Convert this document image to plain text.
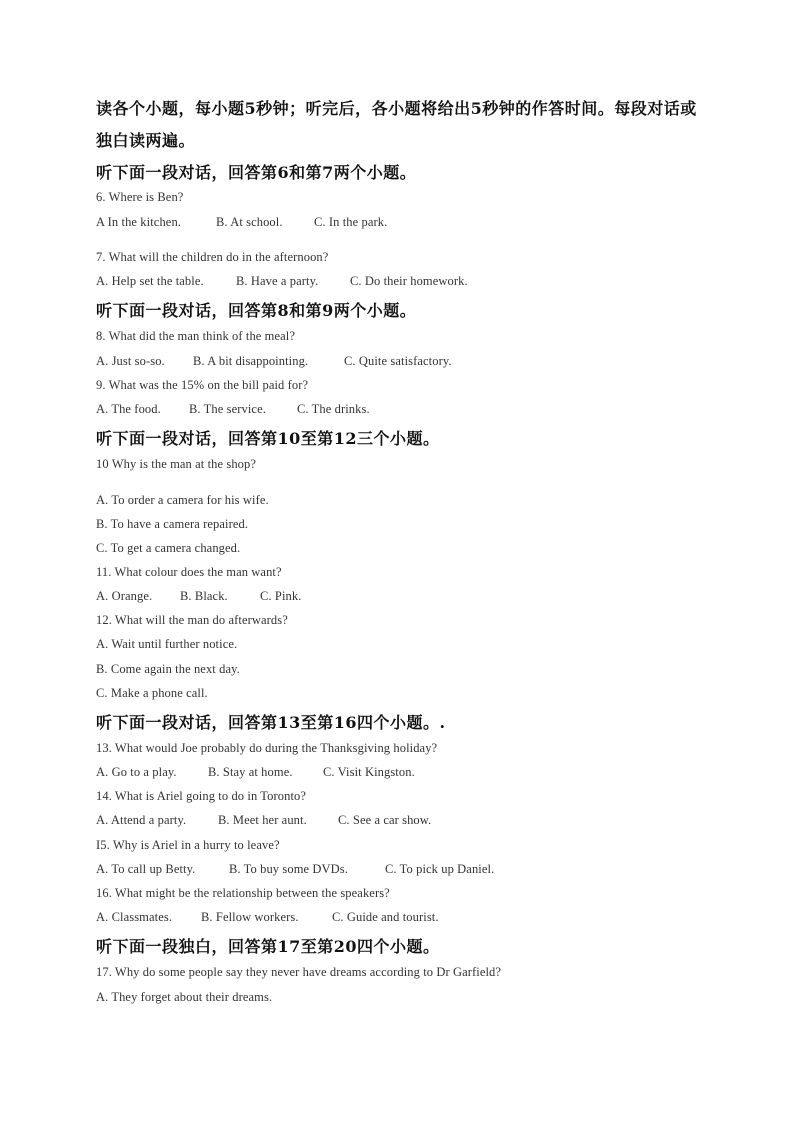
读各个小题，每小题5秒钟；听完后，各小题将给出5秒钟的作答时间。每段对话或
独白读两遍。
听下面一段对话，回答第6和第7两个小题。
6. Where is Ben?
A In the kitchen.	B. At school.	C. In the park.
7. What will the children do in the afternoon?
A. Help set the table.	B. Have a party.	C. Do their homework.
听下面一段对话，回答第8和第9两个小题。
8. What did the man think of the meal?
A. Just so-so. B. A bit disappointing.	C. Quite satisfactory.
9. What was the 15% on the bill paid for?
A. The food. B. The service. C. The drinks.
听下面一段对话，回答第10至第12三个小题。
10 Why is the man at the shop?
A. To order a camera for his wife.
B. To have a camera repaired.
C. To get a camera changed.
11. What colour does the man want?
A. Orange. B. Black.	C. Pink.
12. What will the man do afterwards?
A. Wait until further notice.
B. Come again the next day.
C. Make a phone call.
听下面一段对话，回答第13至第16四个小题。.
13. What would Joe probably do during the Thanksgiving holiday?
A. Go to a play.	B. Stay at home. C. Visit Kingston.
14. What is Ariel going to do in Toronto?
A. Attend a party.	B. Meet her aunt. C. See a car show.
I5. Why is Ariel in a hurry to leave?
A. To call up Betty.	B. To buy some DVDs.	C. To pick up Daniel.
16. What might be the relationship between the speakers?
A. Classmates. B. Fellow workers.	C. Guide and tourist.
听下面一段独白，回答第17至第20四个小题。
17. Why do some people say they never have dreams according to Dr Garfield?
A. They forget about their dreams.
